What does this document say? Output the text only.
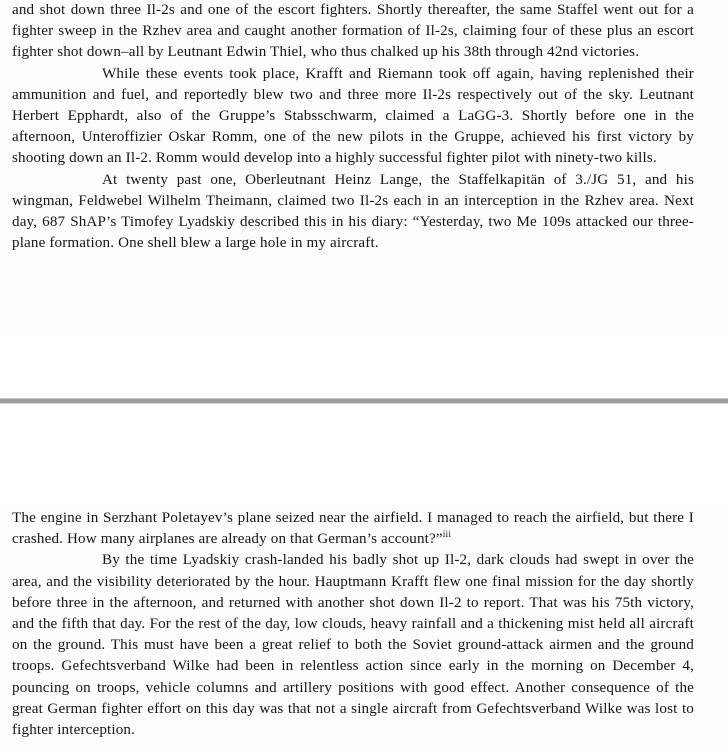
and shot down three Il-2s and one of the escort fighters. Shortly thereafter, the same Staffel went out for a fighter sweep in the Rzhev area and caught another formation of Il-2s, claiming four of these plus an escort fighter shot down–all by Leutnant Edwin Thiel, who thus chalked up his 38th through 42nd victories.

While these events took place, Krafft and Riemann took off again, having replenished their ammunition and fuel, and reportedly blew two and three more Il-2s respectively out of the sky. Leutnant Herbert Epphardt, also of the Gruppe’s Stabsschwarm, claimed a LaGG-3. Shortly before one in the afternoon, Unteroffizier Oskar Romm, one of the new pilots in the Gruppe, achieved his first victory by shooting down an Il-2. Romm would develop into a highly successful fighter pilot with ninety-two kills.

At twenty past one, Oberleutnant Heinz Lange, the Staffelkapitän of 3./JG 51, and his wingman, Feldwebel Wilhelm Theimann, claimed two Il-2s each in an interception in the Rzhev area. Next day, 687 ShAP’s Timofey Lyadskiy described this in his diary: “Yesterday, two Me 109s attacked our three-plane formation. One shell blew a large hole in my aircraft.

The engine in Serzhant Poletayev’s plane seized near the airfield. I managed to reach the airfield, but there I crashed. How many airplanes are already on that German’s account?”$^{iii}$

By the time Lyadskiy crash-landed his badly shot up Il-2, dark clouds had swept in over the area, and the visibility deteriorated by the hour. Hauptmann Krafft flew one final mission for the day shortly before three in the afternoon, and returned with another shot down Il-2 to report. That was his 75th victory, and the fifth that day. For the rest of the day, low clouds, heavy rainfall and a thickening mist held all aircraft on the ground. This must have been a great relief to both the Soviet ground-attack airmen and the ground troops. Gefechtsverband Wilke had been in relentless action since early in the morning on December 4, pouncing on troops, vehicle columns and artillery positions with good effect. Another consequence of the great German fighter effort on this day was that not a single aircraft from Gefechtsverband Wilke was lost to fighter interception.
